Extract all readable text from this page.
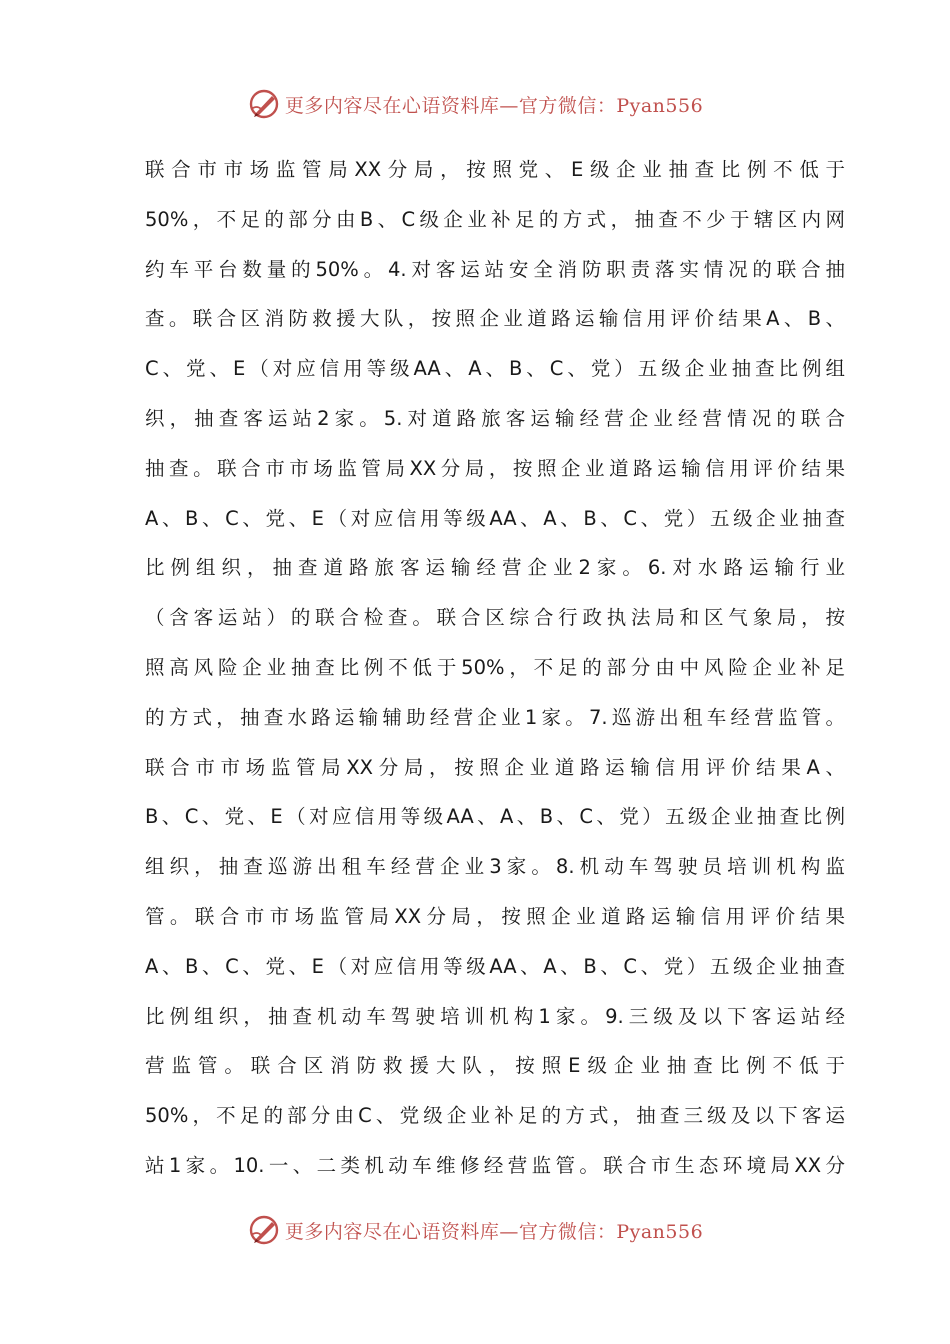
更多内容尽在心语资料库—官方微信：Pyan556
联合市市场监管局XX分局，按照党、E级企业抽查比例不低于
50%，不足的部分由B、C级企业补足的方式，抽查不少于辖区内网
约车平台数量的50%。4.对客运站安全消防职责落实情况的联合抽
查。联合区消防救援大队，按照企业道路运输信用评价结果A、B、
C、党、E（对应信用等级AA、A、B、C、党）五级企业抽查比例组
织，抽查客运站2家。5.对道路旅客运输经营企业经营情况的联合
抽查。联合市市场监管局XX分局，按照企业道路运输信用评价结果
A、B、C、党、E（对应信用等级AA、A、B、C、党）五级企业抽查
比例组织，抽查道路旅客运输经营企业2家。6.对水路运输行业
（含客运站）的联合检查。联合区综合行政执法局和区气象局，按
照高风险企业抽查比例不低于50%，不足的部分由中风险企业补足
的方式，抽查水路运输辅助经营企业1家。7.巡游出租车经营监管。
联合市市场监管局XX分局，按照企业道路运输信用评价结果A、
B、C、党、E（对应信用等级AA、A、B、C、党）五级企业抽查比例
组织，抽查巡游出租车经营企业3家。8.机动车驾驶员培训机构监
管。联合市市场监管局XX分局，按照企业道路运输信用评价结果
A、B、C、党、E（对应信用等级AA、A、B、C、党）五级企业抽查
比例组织，抽查机动车驾驶培训机构1家。9.三级及以下客运站经
营监管。联合区消防救援大队，按照E级企业抽查比例不低于
50%，不足的部分由C、党级企业补足的方式，抽查三级及以下客运
站1家。10.一、二类机动车维修经营监管。联合市生态环境局XX分
更多内容尽在心语资料库—官方微信：Pyan556
